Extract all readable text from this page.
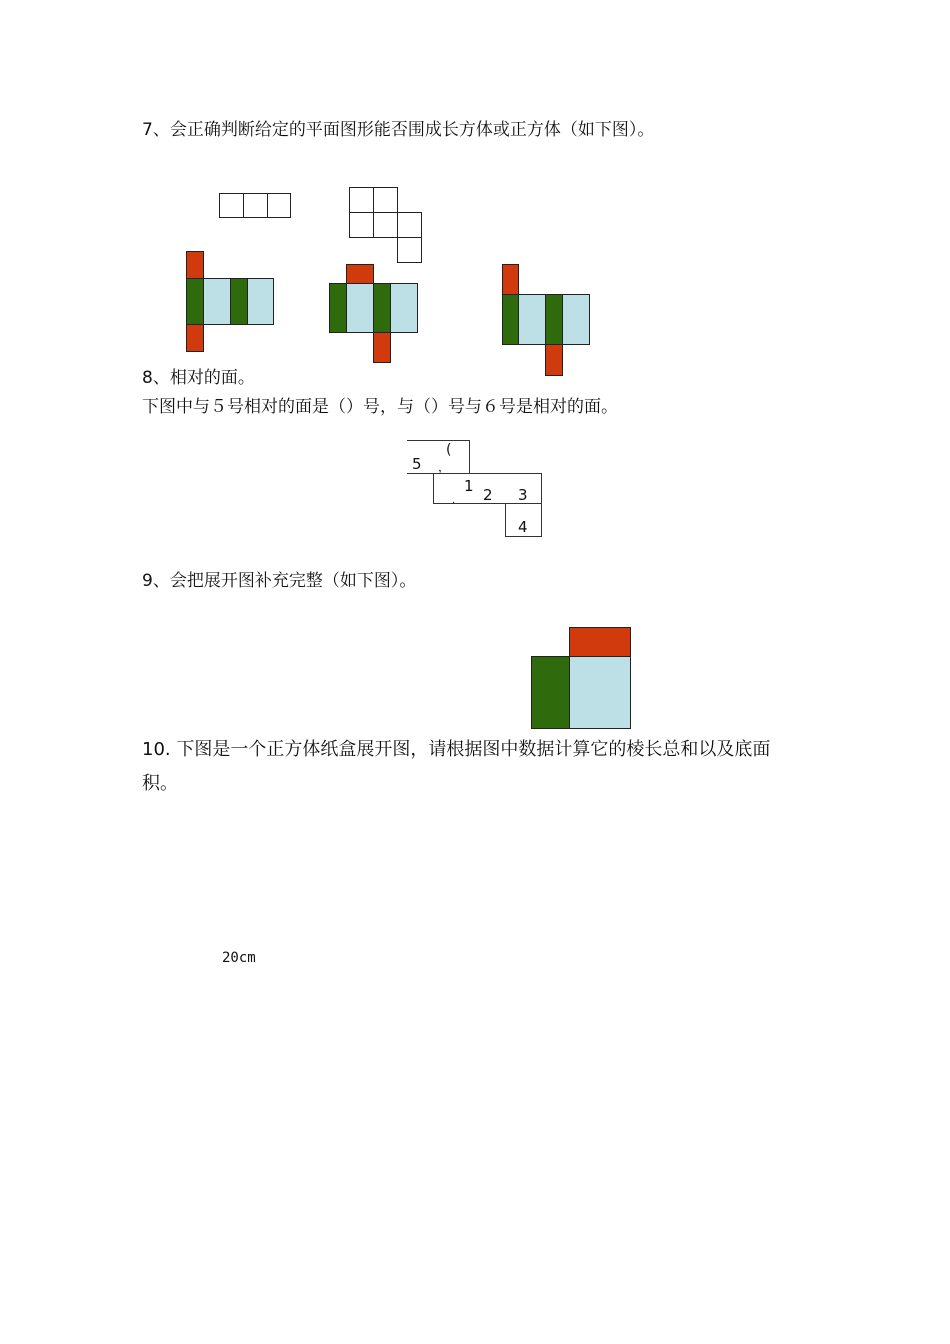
7、会正确判断给定的平面图形能否围成长方体或正方体（如下图）。

8、相对的面。

下图中与５号相对的面是（）号，与（）号与６号是相对的面。

5
(
，
1
. 2 3
4

9、会把展开图补充完整（如下图）。

10. 下图是一个正方体纸盒展开图，请根据图中数据计算它的棱长总和以及底面积。

20cm
